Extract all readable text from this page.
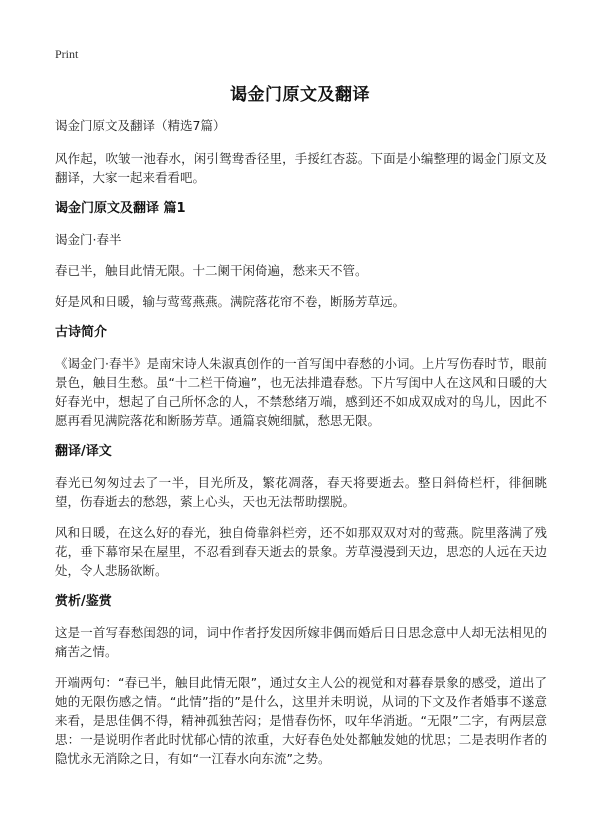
Print
谒金门原文及翻译

谒金门原文及翻译（精选7篇）

风作起，吹皱一池春水，闲引鸳鸯香径里，手挼红杏蕊。下面是小编整理的谒金门原文及翻译，大家一起来看看吧。

谒金门原文及翻译 篇1

谒金门·春半

春已半，触目此情无限。十二阑干闲倚遍，愁来天不管。

好是风和日暖，输与莺莺燕燕。满院落花帘不卷，断肠芳草远。

古诗简介

《谒金门·春半》是南宋诗人朱淑真创作的一首写闺中春愁的小词。上片写伤春时节，眼前景色，触目生愁。虽“十二栏干倚遍”，也无法排遣春愁。下片写闺中人在这风和日暖的大好春光中，想起了自己所怀念的人，不禁愁绪万端，感到还不如成双成对的鸟儿，因此不愿再看见满院落花和断肠芳草。通篇哀婉细腻，愁思无限。

翻译/译文

春光已匆匆过去了一半，目光所及，繁花凋落，春天将要逝去。整日斜倚栏杆，徘徊眺望，伤春逝去的愁怨，萦上心头，天也无法帮助摆脱。

风和日暖，在这么好的春光，独自倚靠斜栏旁，还不如那双双对对的莺燕。院里落满了残花，垂下幕帘呆在屋里，不忍看到春天逝去的景象。芳草漫漫到天边，思恋的人远在天边处，令人悲肠欲断。

赏析/鉴赏

这是一首写春愁闺怨的词，词中作者抒发因所嫁非偶而婚后日日思念意中人却无法相见的痛苦之情。

开端两句：“春已半，触目此情无限”，通过女主人公的视觉和对暮春景象的感受，道出了她的无限伤感之情。“此情”指的”是什么，这里并未明说，从词的下文及作者婚事不遂意来看，是思佳偶不得，精神孤独苦闷；是惜春伤怀，叹年华消逝。“无限”二字，有两层意思：一是说明作者此时忧郁心情的浓重，大好春色处处都触发她的忧思；二是表明作者的隐忧永无消除之日，有如“一江春水向东流”之势。
